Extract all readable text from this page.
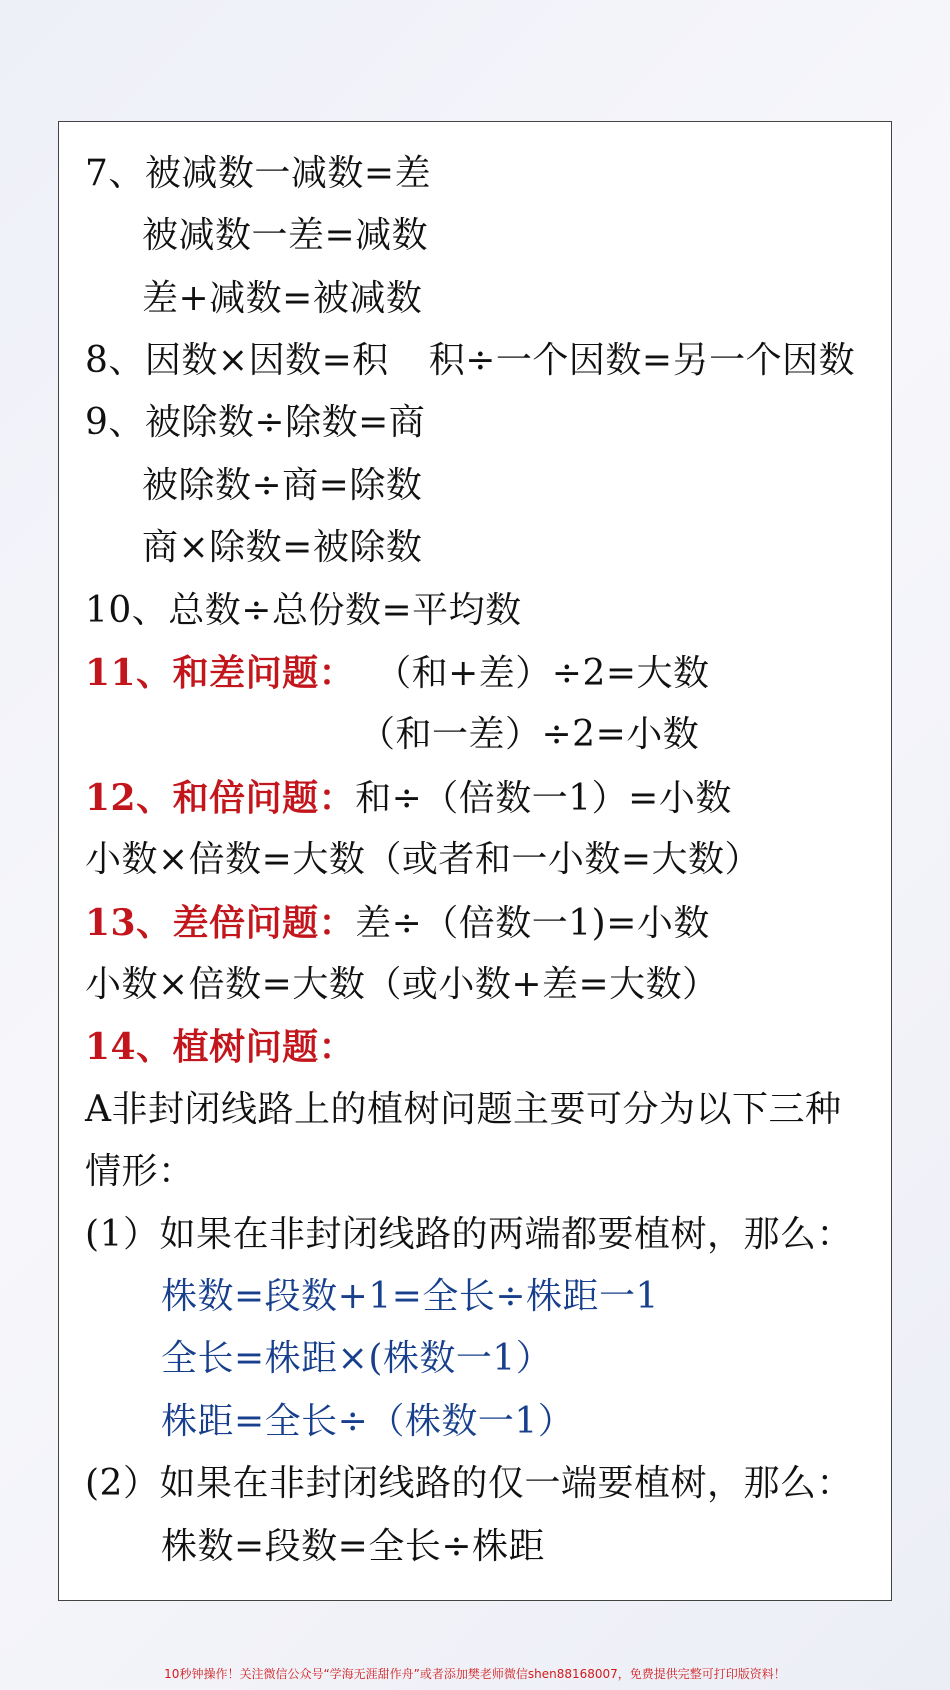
7、被减数一减数=差
被减数一差=减数
差+减数=被减数
8、因数×因数=积 积÷一个因数=另一个因数
9、被除数÷除数=商
被除数÷商=除数
商×除数=被除数
10、总数÷总份数=平均数
11、和差问题： （和+差）÷2=大数
（和一差）÷2=小数
12、和倍问题：和÷（倍数一1）=小数
小数×倍数=大数（或者和一小数=大数）
13、差倍问题：差÷（倍数一1)=小数
小数×倍数=大数（或小数+差=大数）
14、植树问题：
A非封闭线路上的植树问题主要可分为以下三种
情形：
(1）如果在非封闭线路的两端都要植树，那么：
株数=段数+1=全长÷株距一1
全长=株距×(株数一1）
株距=全长÷（株数一1）
(2）如果在非封闭线路的仅一端要植树，那么：
株数=段数=全长÷株距
10秒钟操作！关注微信公众号“学海无涯甜作舟”或者添加樊老师微信shen88168007，免费提供完整可打印版资料！
